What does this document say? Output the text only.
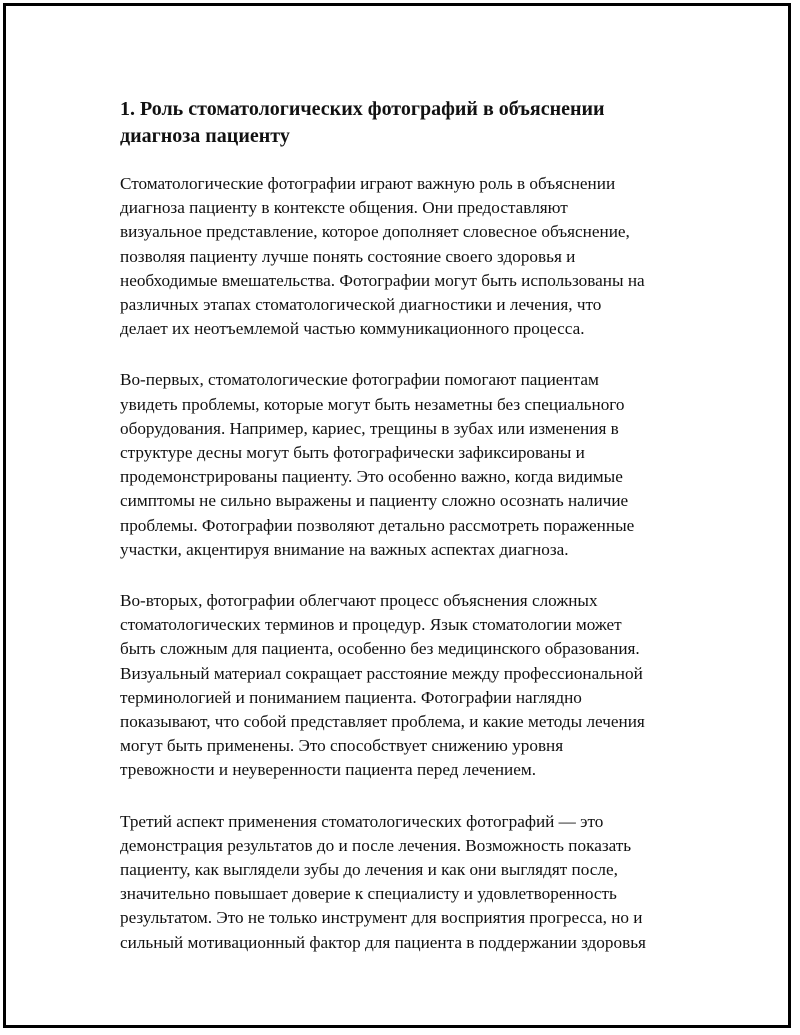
1. Роль стоматологических фотографий в объяснении
диагноза пациенту

Стоматологические фотографии играют важную роль в объяснении
диагноза пациенту в контексте общения. Они предоставляют
визуальное представление, которое дополняет словесное объяснение,
позволяя пациенту лучше понять состояние своего здоровья и
необходимые вмешательства. Фотографии могут быть использованы на
различных этапах стоматологической диагностики и лечения, что
делает их неотъемлемой частью коммуникационного процесса.

Во-первых, стоматологические фотографии помогают пациентам
увидеть проблемы, которые могут быть незаметны без специального
оборудования. Например, кариес, трещины в зубах или изменения в
структуре десны могут быть фотографически зафиксированы и
продемонстрированы пациенту. Это особенно важно, когда видимые
симптомы не сильно выражены и пациенту сложно осознать наличие
проблемы. Фотографии позволяют детально рассмотреть пораженные
участки, акцентируя внимание на важных аспектах диагноза.

Во-вторых, фотографии облегчают процесс объяснения сложных
стоматологических терминов и процедур. Язык стоматологии может
быть сложным для пациента, особенно без медицинского образования.
Визуальный материал сокращает расстояние между профессиональной
терминологией и пониманием пациента. Фотографии наглядно
показывают, что собой представляет проблема, и какие методы лечения
могут быть применены. Это способствует снижению уровня
тревожности и неуверенности пациента перед лечением.

Третий аспект применения стоматологических фотографий — это
демонстрация результатов до и после лечения. Возможность показать
пациенту, как выглядели зубы до лечения и как они выглядят после,
значительно повышает доверие к специалисту и удовлетворенность
результатом. Это не только инструмент для восприятия прогресса, но и
сильный мотивационный фактор для пациента в поддержании здоровья
